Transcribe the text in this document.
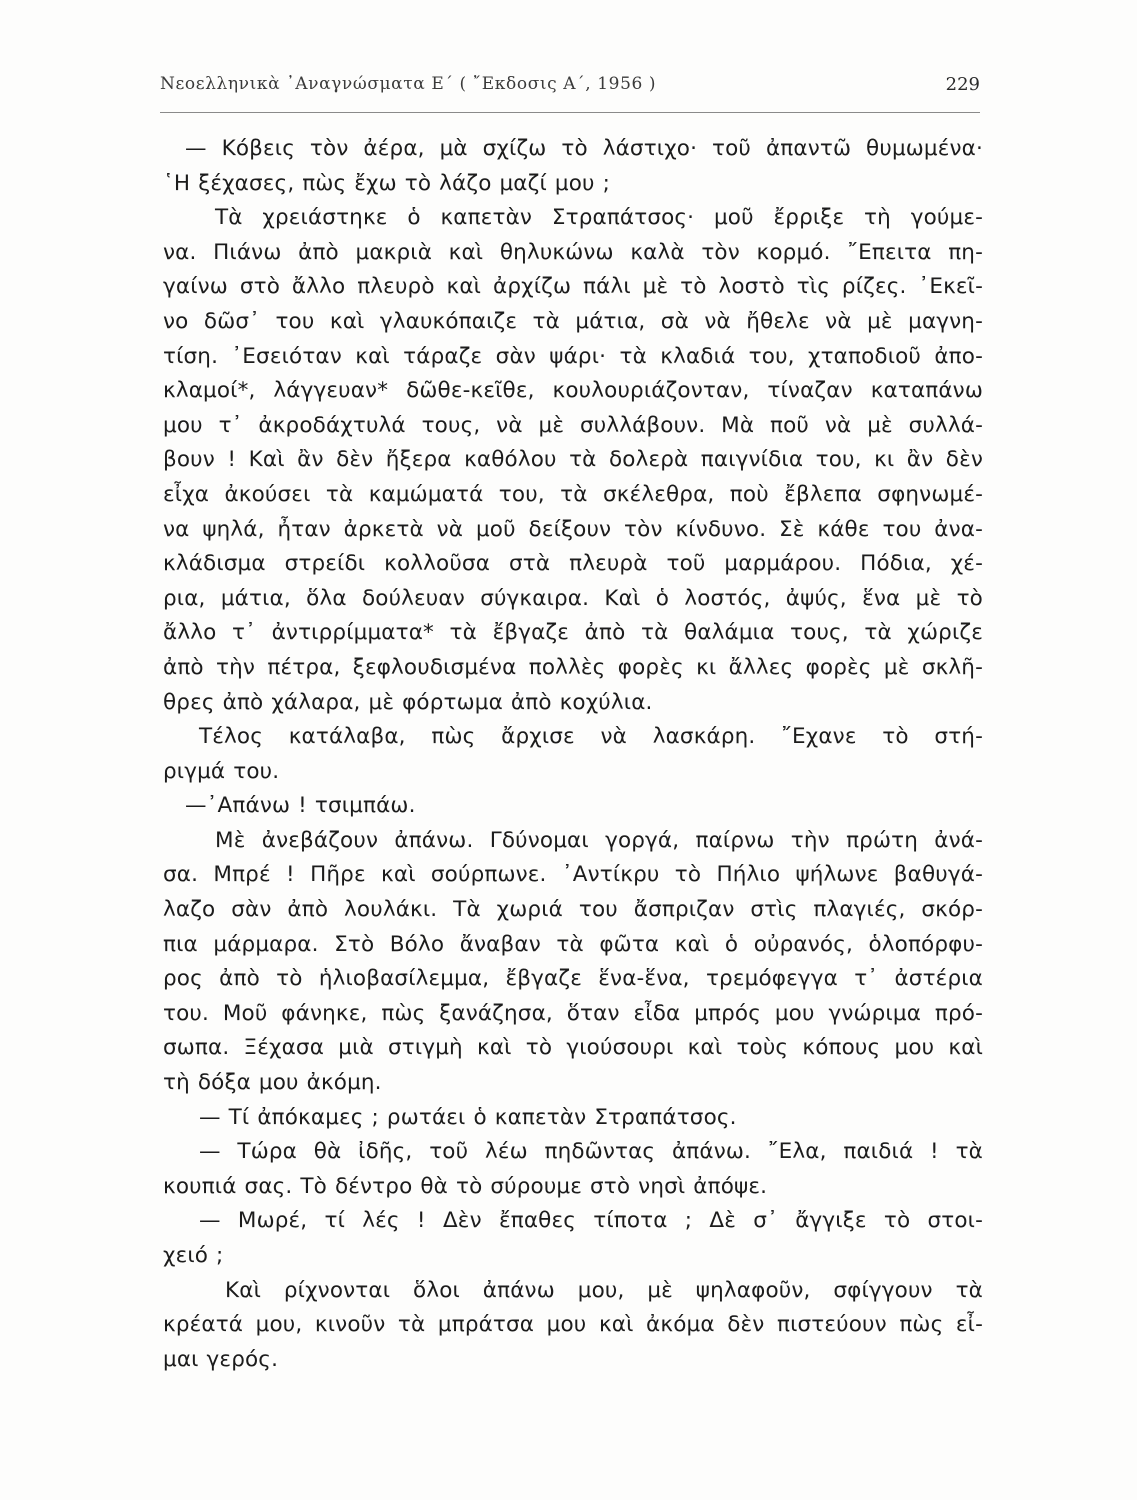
Νεοελληνικὰ ᾿Αναγνώσματα Ε΄ ( ῎Εκδοσις Α΄, 1956 )	229
— Κόβεις τὸν ἀέρα, μὰ σχίζω τὸ λάστιχο· τοῦ ἀπαντῶ θυμωμένα·
῾Η ξέχασες, πὼς ἔχω τὸ λάζο μαζί μου ;
Τὰ χρειάστηκε ὁ καπετὰν Στραπάτσος· μοῦ ἔρριξε τὴ γούμε-
να. Πιάνω ἀπὸ μακριὰ καὶ θηλυκώνω καλὰ τὸν κορμό. ῎Επειτα πη-
γαίνω στὸ ἄλλο πλευρὸ καὶ ἀρχίζω πάλι μὲ τὸ λοστὸ τὶς ρίζες. ᾿Εκεῖ-
νο δῶσ᾿ του καὶ γλαυκόπαιζε τὰ μάτια, σὰ νὰ ἤθελε νὰ μὲ μαγνη-
τίση. ᾿Εσειόταν καὶ τάραζε σὰν ψάρι· τὰ κλαδιά του, χταποδιοῦ ἀπο-
κλαμοί*, λάγγευαν* δῶθε-κεῖθε, κουλουριάζονταν, τίναζαν καταπάνω
μου τ᾿ ἀκροδάχτυλά τους, νὰ μὲ συλλάβουν. Μὰ ποῦ νὰ μὲ συλλά-
βουν ! Καὶ ἂν δὲν ἤξερα καθόλου τὰ δολερὰ παιγνίδια του, κι ἂν δὲν
εἶχα ἀκούσει τὰ καμώματά του, τὰ σκέλεθρα, ποὺ ἔβλεπα σφηνωμέ-
να ψηλά, ἦταν ἀρκετὰ νὰ μοῦ δείξουν τὸν κίνδυνο. Σὲ κάθε του ἀνα-
κλάδισμα στρείδι κολλοῦσα στὰ πλευρὰ τοῦ μαρμάρου. Πόδια, χέ-
ρια, μάτια, ὅλα δούλευαν σύγκαιρα. Καὶ ὁ λοστός, ἀψύς, ἕνα μὲ τὸ
ἄλλο τ᾿ ἀντιρρίμματα* τὰ ἔβγαζε ἀπὸ τὰ θαλάμια τους, τὰ χώριζε
ἀπὸ τὴν πέτρα, ξεφλουδισμένα πολλὲς φορὲς κι ἄλλες φορὲς μὲ σκλῆ-
θρες ἀπὸ χάλαρα, μὲ φόρτωμα ἀπὸ κοχύλια.
Τέλος κατάλαβα, πὼς ἄρχισε νὰ λασκάρη. ῎Εχανε τὸ στή-
ριγμά του.
—᾿Απάνω ! τσιμπάω.
Μὲ ἀνεβάζουν ἀπάνω. Γδύνομαι γοργά, παίρνω τὴν πρώτη ἀνά-
σα. Μπρέ ! Πῆρε καὶ σούρπωνε. ᾿Αντίκρυ τὸ Πήλιο ψήλωνε βαθυγά-
λαζο σὰν ἀπὸ λουλάκι. Τὰ χωριά του ἄσπριζαν στὶς πλαγιές, σκόρ-
πια μάρμαρα. Στὸ Βόλο ἄναβαν τὰ φῶτα καὶ ὁ οὐρανός, ὁλοπόρφυ-
ρος ἀπὸ τὸ ἡλιοβασίλεμμα, ἔβγαζε ἕνα-ἕνα, τρεμόφεγγα τ᾿ ἀστέρια
του. Μοῦ φάνηκε, πὼς ξανάζησα, ὅταν εἶδα μπρός μου γνώριμα πρό-
σωπα. Ξέχασα μιὰ στιγμὴ καὶ τὸ γιούσουρι καὶ τοὺς κόπους μου καὶ
τὴ δόξα μου ἀκόμη.
— Τί ἀπόκαμες ; ρωτάει ὁ καπετὰν Στραπάτσος.
— Τώρα θὰ ἰδῆς, τοῦ λέω πηδῶντας ἀπάνω. ῎Ελα, παιδιά ! τὰ
κουπιά σας. Τὸ δέντρο θὰ τὸ σύρουμε στὸ νησὶ ἀπόψε.
— Μωρέ, τί λές ! Δὲν ἔπαθες τίποτα ; Δὲ σ᾿ ἄγγιξε τὸ στοι-
χειό ;
Καὶ ρίχνονται ὅλοι ἀπάνω μου, μὲ ψηλαφοῦν, σφίγγουν τὰ
κρέατά μου, κινοῦν τὰ μπράτσα μου καὶ ἀκόμα δὲν πιστεύουν πὼς εἶ-
μαι γερός.
